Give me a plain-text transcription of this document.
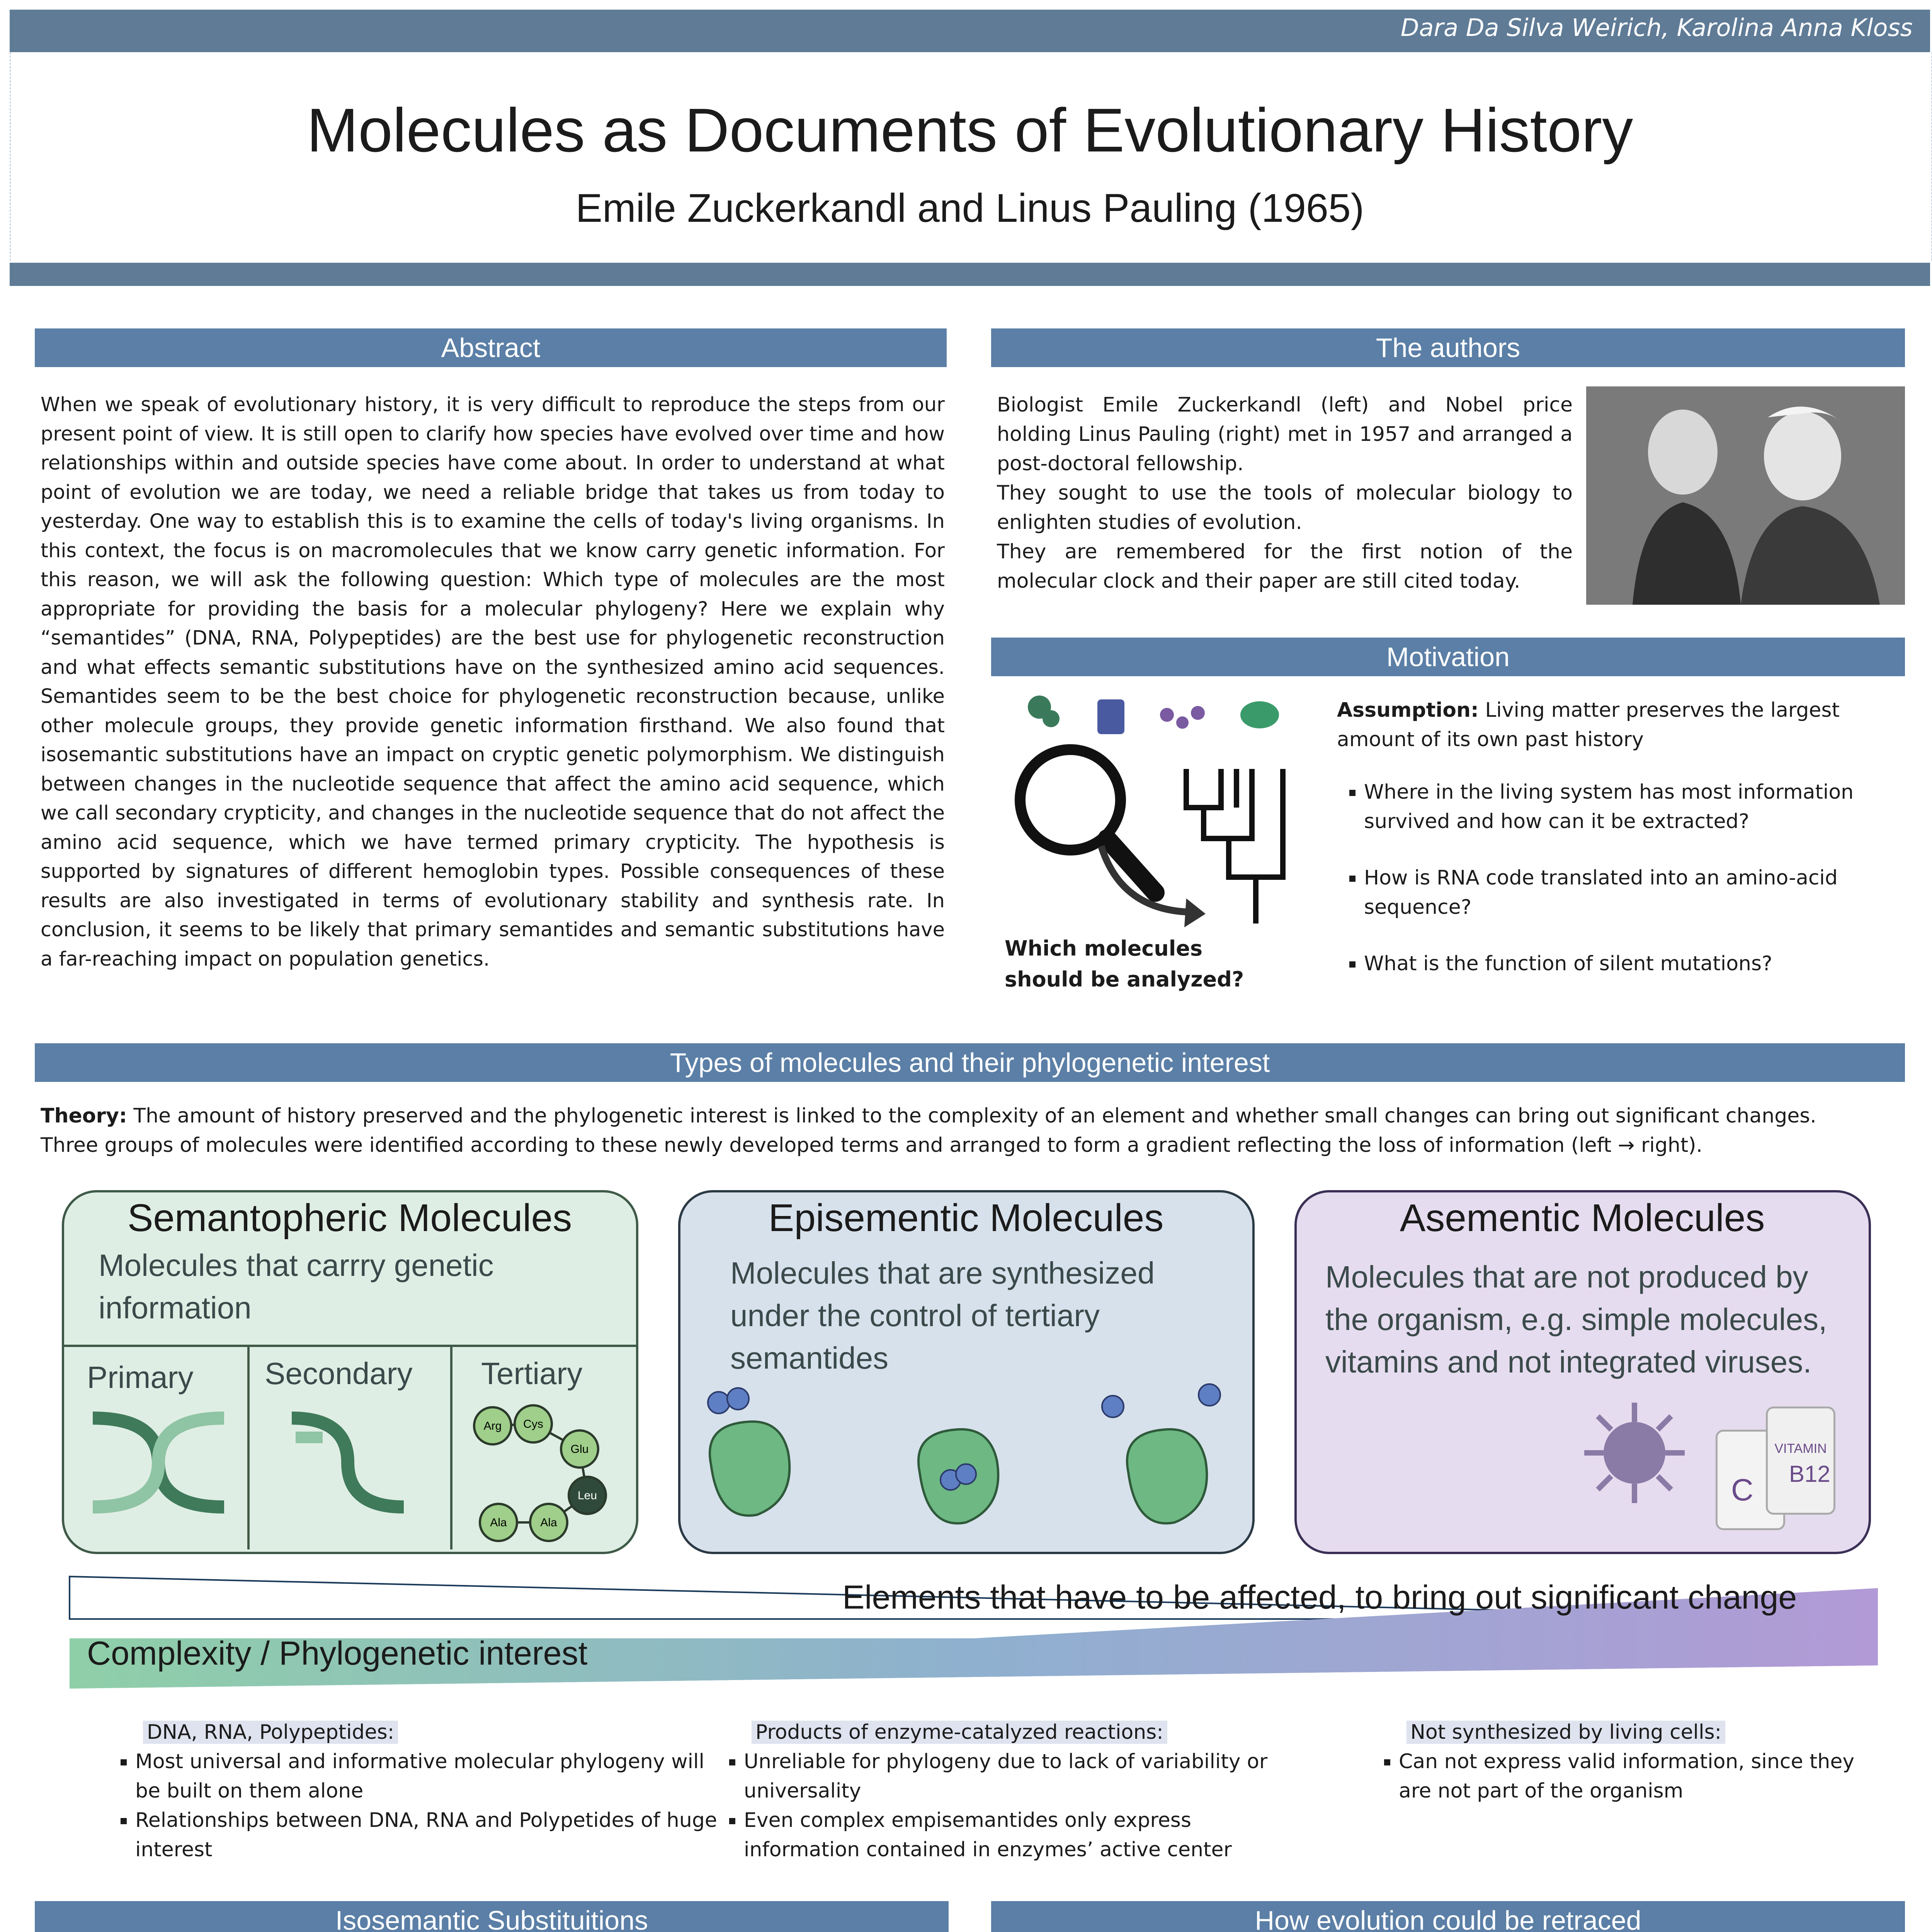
Dara Da Silva Weirich, Karolina Anna Kloss
Molecules as Documents of Evolutionary History
Emile Zuckerkandl and Linus Pauling (1965)
Abstract
When we speak of evolutionary history, it is very difficult to reproduce the steps from our present point of view. It is still open to clarify how species have evolved over time and how relationships within and outside species have come about. In order to understand at what point of evolution we are today, we need a reliable bridge that takes us from today to yesterday. One way to establish this is to examine the cells of today's living organisms. In this context, the focus is on macromolecules that we know carry genetic information. For this reason, we will ask the following question: Which type of molecules are the most appropriate for providing the basis for a molecular phylogeny? Here we explain why “semantides” (DNA, RNA, Polypeptides) are the best use for phylogenetic reconstruction and what effects semantic substitutions have on the synthesized amino acid sequences. Semantides seem to be the best choice for phylogenetic reconstruction because, unlike other molecule groups, they provide genetic information firsthand. We also found that isosemantic substitutions have an impact on cryptic genetic polymorphism. We distinguish between changes in the nucleotide sequence that affect the amino acid sequence, which we call secondary crypticity, and changes in the nucleotide sequence that do not affect the amino acid sequence, which we have termed primary crypticity. The hypothesis is supported by signatures of different hemoglobin types. Possible consequences of these results are also investigated in terms of evolutionary stability and synthesis rate. In conclusion, it seems to be likely that primary semantides and semantic substitutions have a far-reaching impact on population genetics.
The authors

Biologist Emile Zuckerkandl (left) and Nobel price holding Linus Pauling (right) met in 1957 and arranged a post-doctoral fellowship.

They sought to use the tools of molecular biology to enlighten studies of evolution.

They are remembered for the first notion of the molecular clock and their paper are still cited today.

Motivation
Which molecules should be analyzed?

Assumption: Living matter preserves the largest amount of its own past history

▪ Where in the living system has most information survived and how can it be extracted?
▪ How is RNA code translated into an amino-acid sequence?
▪ What is the function of silent mutations?
Types of molecules and their phylogenetic interest

Theory: The amount of history preserved and the phylogenetic interest is linked to the complexity of an element and whether small changes can bring out significant changes.

Three groups of molecules were identified according to these newly developed terms and arranged to form a gradient reflecting the loss of information (left → right).

Semantopheric Molecules
Molecules that carrry genetic information
Primary Secondary Tertiary
Arg Cys
Glu
Leu
Ala	Ala
Episementic Molecules
Molecules that are synthesized under the control of tertiary semantides
Asementic Molecules
Molecules that are not produced by the organism, e.g. simple molecules, vitamins and not integrated viruses.
VITAMIN
C B12
Elements that have to be affected, to bring out significant change
Complexity / Phylogenetic interest

DNA, RNA, Polypeptides:

▪ Most universal and informative molecular phylogeny will be built on them alone
▪ Relationships between DNA, RNA and Polypetides of huge interest

Products of enzyme-catalyzed reactions:

▪ Unreliable for phylogeny due to lack of variability or universality
▪ Even complex empisemantides only express information contained in enzymes’ active center

Not synthesized by living cells:

▪ Can not express valid information, since they are not part of the organism
Isosemantic Substituitions

					How evolution could be retraced
